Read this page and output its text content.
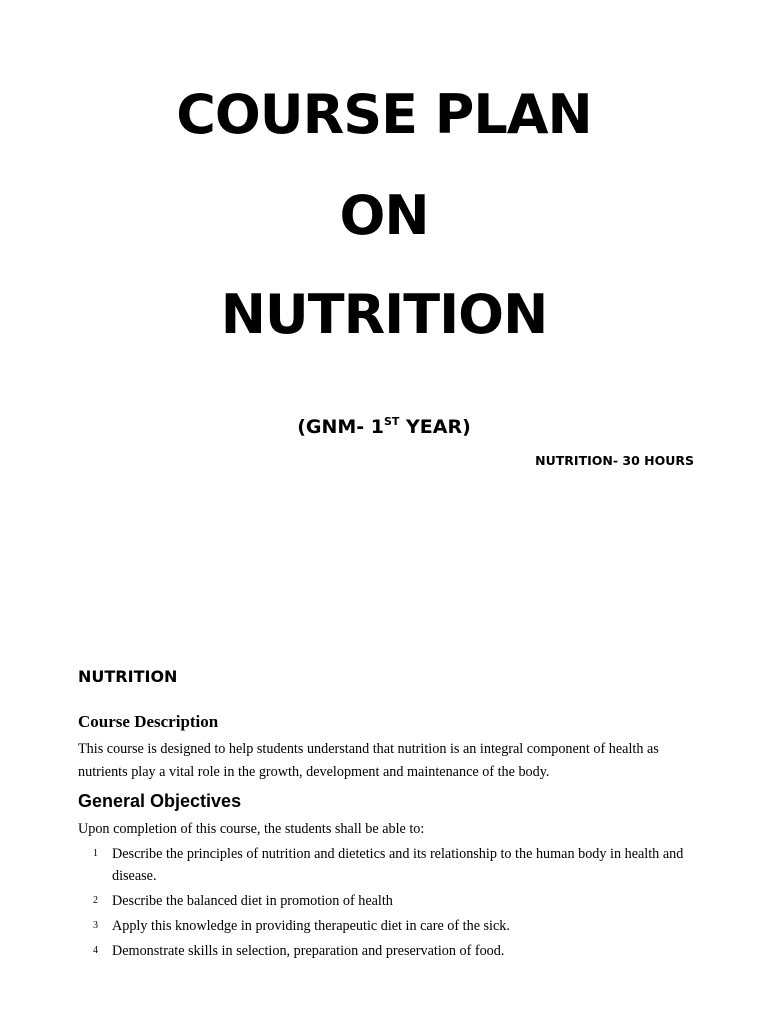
COURSE PLAN
ON
NUTRITION
(GNM- 1ST YEAR)
NUTRITION- 30 HOURS
NUTRITION
Course Description
This course is designed to help students understand that nutrition is an integral component of health as nutrients play a vital role in the growth, development and maintenance of the body.
General Objectives
Upon completion of this course, the students shall be able to:
1 Describe the principles of nutrition and dietetics and its relationship to the human body in health and disease.
2 Describe the balanced diet in promotion of health
3 Apply this knowledge in providing therapeutic diet in care of the sick.
4 Demonstrate skills in selection, preparation and preservation of food.
